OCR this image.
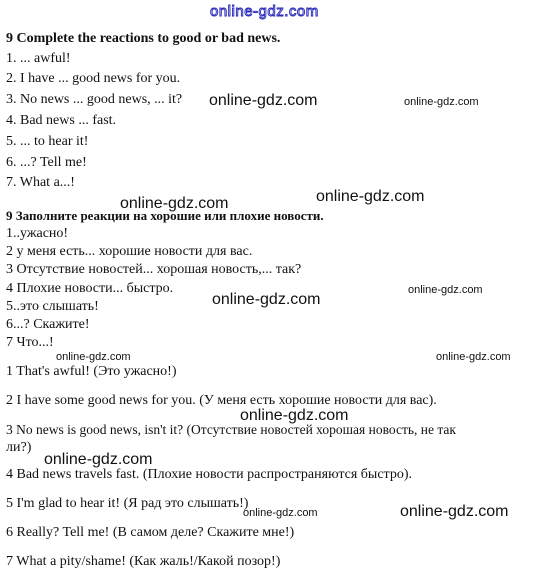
online-gdz.com
9 Complete the reactions to good or bad news.
1. ... awful!
2. I have ... good news for you.
3. No news ... good news, ... it?
4. Bad news ... fast.
5. ... to hear it!
6. ...? Tell me!
7. What a...!
9 Заполните реакции на хорошие или плохие новости.
1..ужасно!
2 у меня есть... хорошие новости для вас.
3 Отсутствие новостей... хорошая новость,... так?
4 Плохие новости... быстро.
5..это слышать!
6...? Скажите!
7 Что...!
1 That's awful! (Это ужасно!)
2 I have some good news for you. (У меня есть хорошие новости для вас).
3 No news is good news, isn't it? (Отсутствие новостей хорошая новость, не так
ли?)
4 Bad news travels fast. (Плохие новости распространяются быстро).
5 I'm glad to hear it! (Я рад это слышать!)
6 Really? Tell me! (В самом деле? Скажите мне!)
7 What a pity/shame! (Как жаль!/Какой позор!)
online-gdz.com	online-gdz.com
online-gdz.com	online-gdz.com
online-gdz.com
online-gdz.com
online-gdz.com	online-gdz.com
online-gdz.com
online-gdz.com
online-gdz.com	online-gdz.com
